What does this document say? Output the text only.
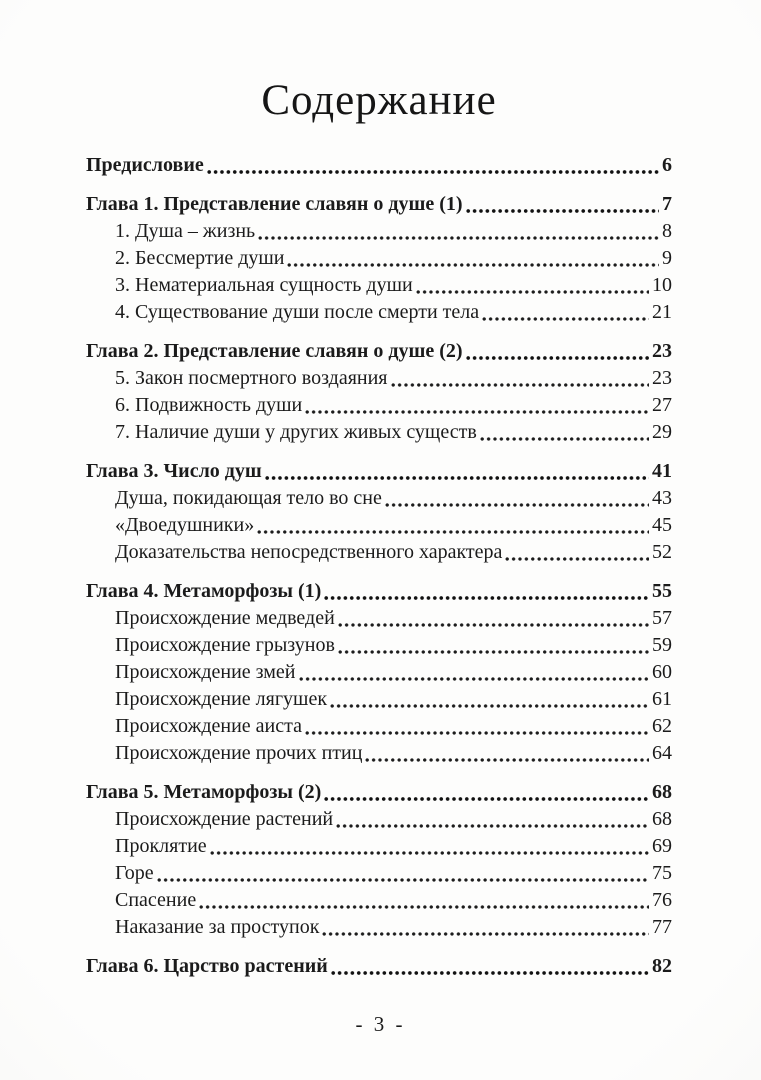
Содержание
Предисловие	6
Глава 1. Представление славян о душе (1)	7
1. Душа – жизнь	8
2. Бессмертие души	9
3. Нематериальная сущность души	10
4. Существование души после смерти тела	21
Глава 2. Представление славян о душе (2)	23
5. Закон посмертного воздаяния	23
6. Подвижность души	27
7. Наличие души у других живых существ	29
Глава 3. Число душ	41
Душа, покидающая тело во сне	43
«Двоедушники»	45
Доказательства непосредственного характера	52
Глава 4. Метаморфозы (1)	55
Происхождение медведей	57
Происхождение грызунов	59
Происхождение змей	60
Происхождение лягушек	61
Происхождение аиста	62
Происхождение прочих птиц	64
Глава 5. Метаморфозы (2)	68
Происхождение растений	68
Проклятие	69
Горе	75
Спасение	76
Наказание за проступок	77
Глава 6. Царство растений	82
- 3 -
